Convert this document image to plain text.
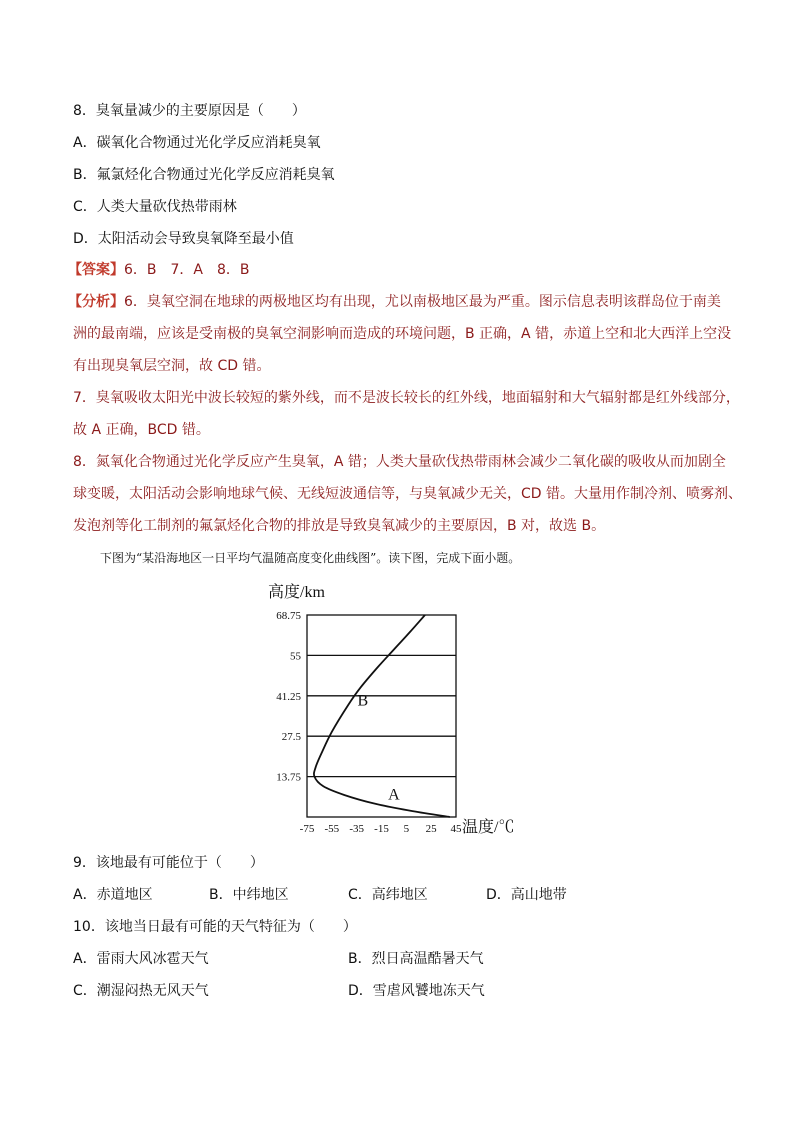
8．臭氧量减少的主要原因是（　　）
A．碳氧化合物通过光化学反应消耗臭氧
B．氟氯烃化合物通过光化学反应消耗臭氧
C．人类大量砍伐热带雨林
D．太阳活动会导致臭氧降至最小值
【答案】6．B　7．A　8．B
【分析】6．臭氧空洞在地球的两极地区均有出现，尤以南极地区最为严重。图示信息表明该群岛位于南美
洲的最南端，应该是受南极的臭氧空洞影响而造成的环境问题，B 正确，A 错，赤道上空和北大西洋上空没
有出现臭氧层空洞，故 CD 错。
7．臭氧吸收太阳光中波长较短的紫外线，而不是波长较长的红外线，地面辐射和大气辐射都是红外线部分，
故 A 正确，BCD 错。
8．氮氧化合物通过光化学反应产生臭氧，A 错；人类大量砍伐热带雨林会减少二氧化碳的吸收从而加剧全
球变暖，太阳活动会影响地球气候、无线短波通信等，与臭氧减少无关，CD 错。大量用作制冷剂、喷雾剂、
发泡剂等化工制剂的氟氯烃化合物的排放是导致臭氧减少的主要原因，B 对，故选 B。
下图为“某沿海地区一日平均气温随高度变化曲线图”。读下图，完成下面小题。
高度/km
温度/℃
13.75
27.5
41.25
55
68.75
-75 -55 -35 -15 5 25 45
A
B
9．该地最有可能位于（　　）
A．赤道地区	B．中纬地区	C．高纬地区	D．高山地带
10．该地当日最有可能的天气特征为（　　）
A．雷雨大风冰雹天气	B．烈日高温酷暑天气
C．潮湿闷热无风天气	D．雪虐风饕地冻天气
